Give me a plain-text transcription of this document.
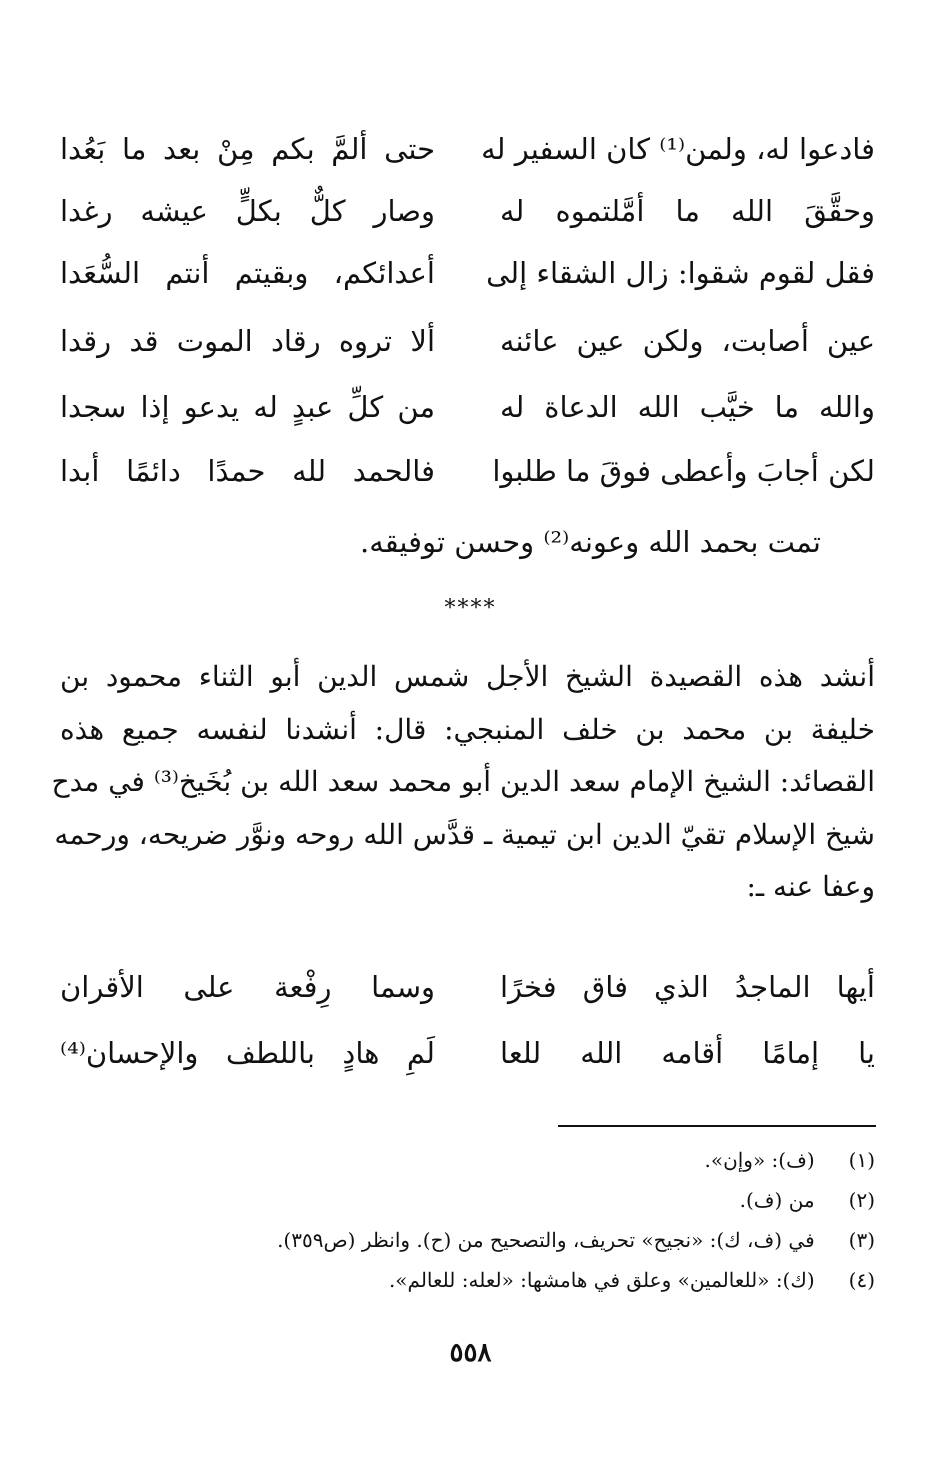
فادعوا له، ولمن⁽¹⁾ كان السفير له
حتى ألمَّ بكم مِنْ بعد ما بَعُدا
وحقَّقَ الله ما أمَّلتموه له
وصار كلٌّ بكلٍّ عيشه رغدا
فقل لقوم شقوا: زال الشقاء إلى
أعدائكم، وبقيتم أنتم السُّعَدا
عين أصابت، ولكن عين عائنه
ألا تروه رقاد الموت قد رقدا
والله ما خيَّب الله الدعاة له
من كلِّ عبدٍ له يدعو إذا سجدا
لكن أجابَ وأعطى فوقَ ما طلبوا
فالحمد لله حمدًا دائمًا أبدا
تمت بحمد الله وعونه⁽²⁾ وحسن توفيقه.
****
أنشد هذه القصيدة الشيخ الأجل شمس الدين أبو الثناء محمود بن
خليفة بن محمد بن خلف المنبجي: قال: أنشدنا لنفسه جميع هذه
القصائد: الشيخ الإمام سعد الدين أبو محمد سعد الله بن بُخَيخ⁽³⁾ في مدح
شيخ الإسلام تقيّ الدين ابن تيمية ـ قدَّس الله روحه ونوَّر ضريحه، ورحمه
وعفا عنه ـ:
أيها الماجدُ الذي فاق فخرًا
وسما رِفْعة على الأقران
يا إمامًا أقامه الله للعا
لَمِ هادٍ باللطف والإحسان⁽⁴⁾
(١) (ف): «وإن».
(٢) من (ف).
(٣) في (ف، ك): «نجيح» تحريف، والتصحيح من (ح). وانظر (ص٣٥٩).
(٤) (ك): «للعالمين» وعلق في هامشها: «لعله: للعالم».
٥٥٨
